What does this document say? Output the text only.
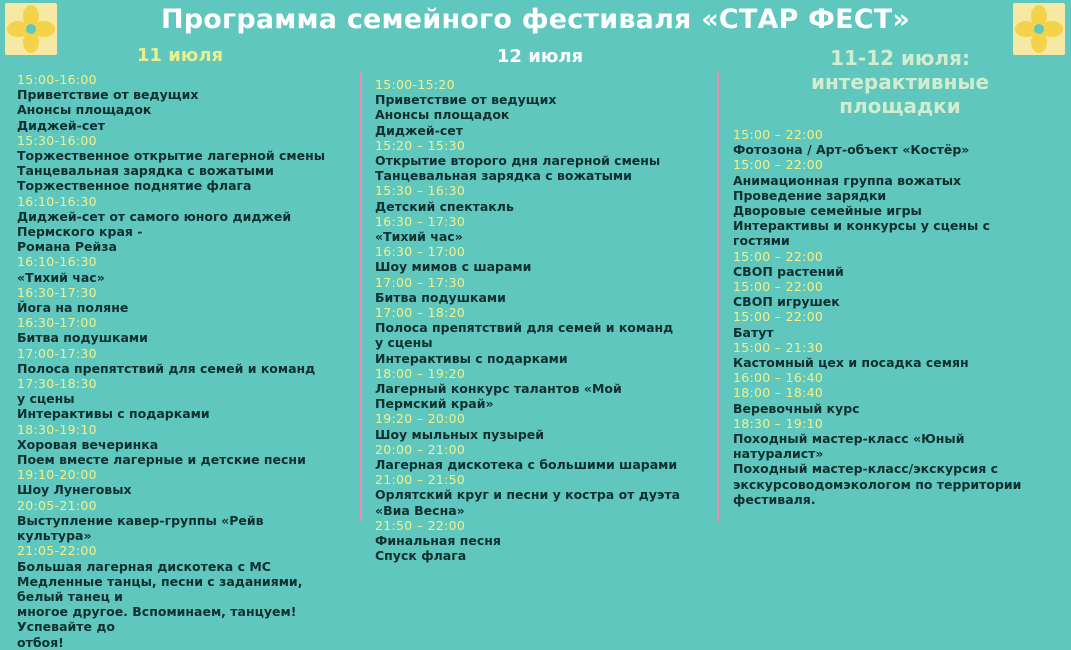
Программа семейного фестиваля «СТАР ФЕСТ»
11 июля	12 июля	11-12 июля:
интерактивные
площадки
15:00-16:00
Приветствие от ведущих
Анонсы площадок
Диджей-сет
15:30-16:00
Торжественное открытие лагерной смены
Танцевальная зарядка с вожатыми
Торжественное поднятие флага
16:10-16:30
Диджей-сет от самого юного диджей
Пермского края -
Романа Рейза
16:10-16:30
«Тихий час»
16:30-17:30
Йога на поляне
16:30-17:00
Битва подушками
17:00-17:30
Полоса препятствий для семей и команд
17:30-18:30
у сцены
Интерактивы с подарками
18:30-19:10
Хоровая вечеринка
Поем вместе лагерные и детские песни
19:10-20:00
Шоу Лунеговых
20:05-21:00
Выступление кавер-группы «Рейв
культура»
21:05-22:00
Большая лагерная дискотека с МС
Медленные танцы, песни с заданиями,
белый танец и
многое другое. Вспоминаем, танцуем!
Успевайте до
отбоя!
15:00-15:20
Приветствие от ведущих
Анонсы площадок
Диджей-сет
15:20 – 15:30
Открытие второго дня лагерной смены
Танцевальная зарядка с вожатыми
15:30 – 16:30
Детский спектакль
16:30 – 17:30
«Тихий час»
16:30 – 17:00
Шоу мимов с шарами
17:00 – 17:30
Битва подушками
17:00 – 18:20
Полоса препятствий для семей и команд
у сцены
Интерактивы с подарками
18:00 – 19:20
Лагерный конкурс талантов «Мой
Пермский край»
19:20 – 20:00
Шоу мыльных пузырей
20:00 – 21:00
Лагерная дискотека с большими шарами
21:00 – 21:50
Орлятский круг и песни у костра от дуэта
«Виа Весна»
21:50 – 22:00
Финальная песня
Спуск флага
15:00 – 22:00
Фотозона / Арт-объект «Костёр»
15:00 – 22:00
Анимационная группа вожатых
Проведение зарядки
Дворовые семейные игры
Интерактивы и конкурсы у сцены с
гостями
15:00 – 22:00
СВОП растений
15:00 – 22:00
СВОП игрушек
15:00 – 22:00
Батут
15:00 – 21:30
Кастомный цех и посадка семян
16:00 – 16:40
18:00 – 18:40
Веревочный курс
18:30 – 19:10
Походный мастер-класс «Юный
натуралист»
Походный мастер-класс/экскурсия с
экскурсоводомэкологом по территории
фестиваля.
